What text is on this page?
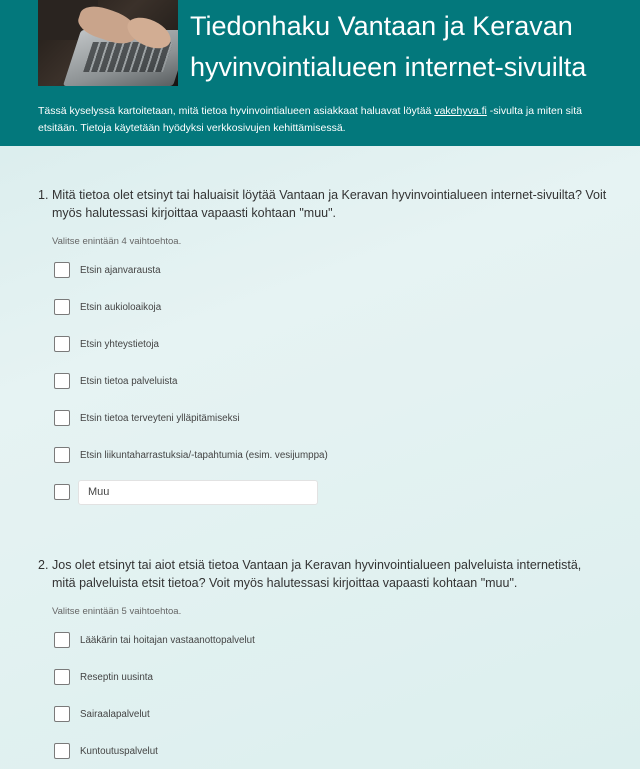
Tiedonhaku Vantaan ja Keravan hyvinvointialueen internet-sivuilta

Tässä kyselyssä kartoitetaan, mitä tietoa hyvinvointialueen asiakkaat haluavat löytää vakehyva.fi -sivulta ja miten sitä etsitään. Tietoja käytetään hyödyksi verkkosivujen kehittämisessä.

1. Mitä tietoa olet etsinyt tai haluaisit löytää Vantaan ja Keravan hyvinvointialueen internet-sivuilta? Voit myös halutessasi kirjoittaa vapaasti kohtaan "muu".
Valitse enintään 4 vaihtoehtoa.
Etsin ajanvarausta
Etsin aukioloaikoja
Etsin yhteystietoja
Etsin tietoa palveluista
Etsin tietoa terveyteni ylläpitämiseksi
Etsin liikuntaharrastuksia/-tapahtumia (esim. vesijumppa)
Muu
2. Jos olet etsinyt tai aiot etsiä tietoa Vantaan ja Keravan hyvinvointialueen palveluista internetistä, mitä palveluista etsit tietoa? Voit myös halutessasi kirjoittaa vapaasti kohtaan "muu".
Valitse enintään 5 vaihtoehtoa.
Lääkärin tai hoitajan vastaanottopalvelut
Reseptin uusinta
Sairaalapalvelut
Kuntoutuspalvelut
